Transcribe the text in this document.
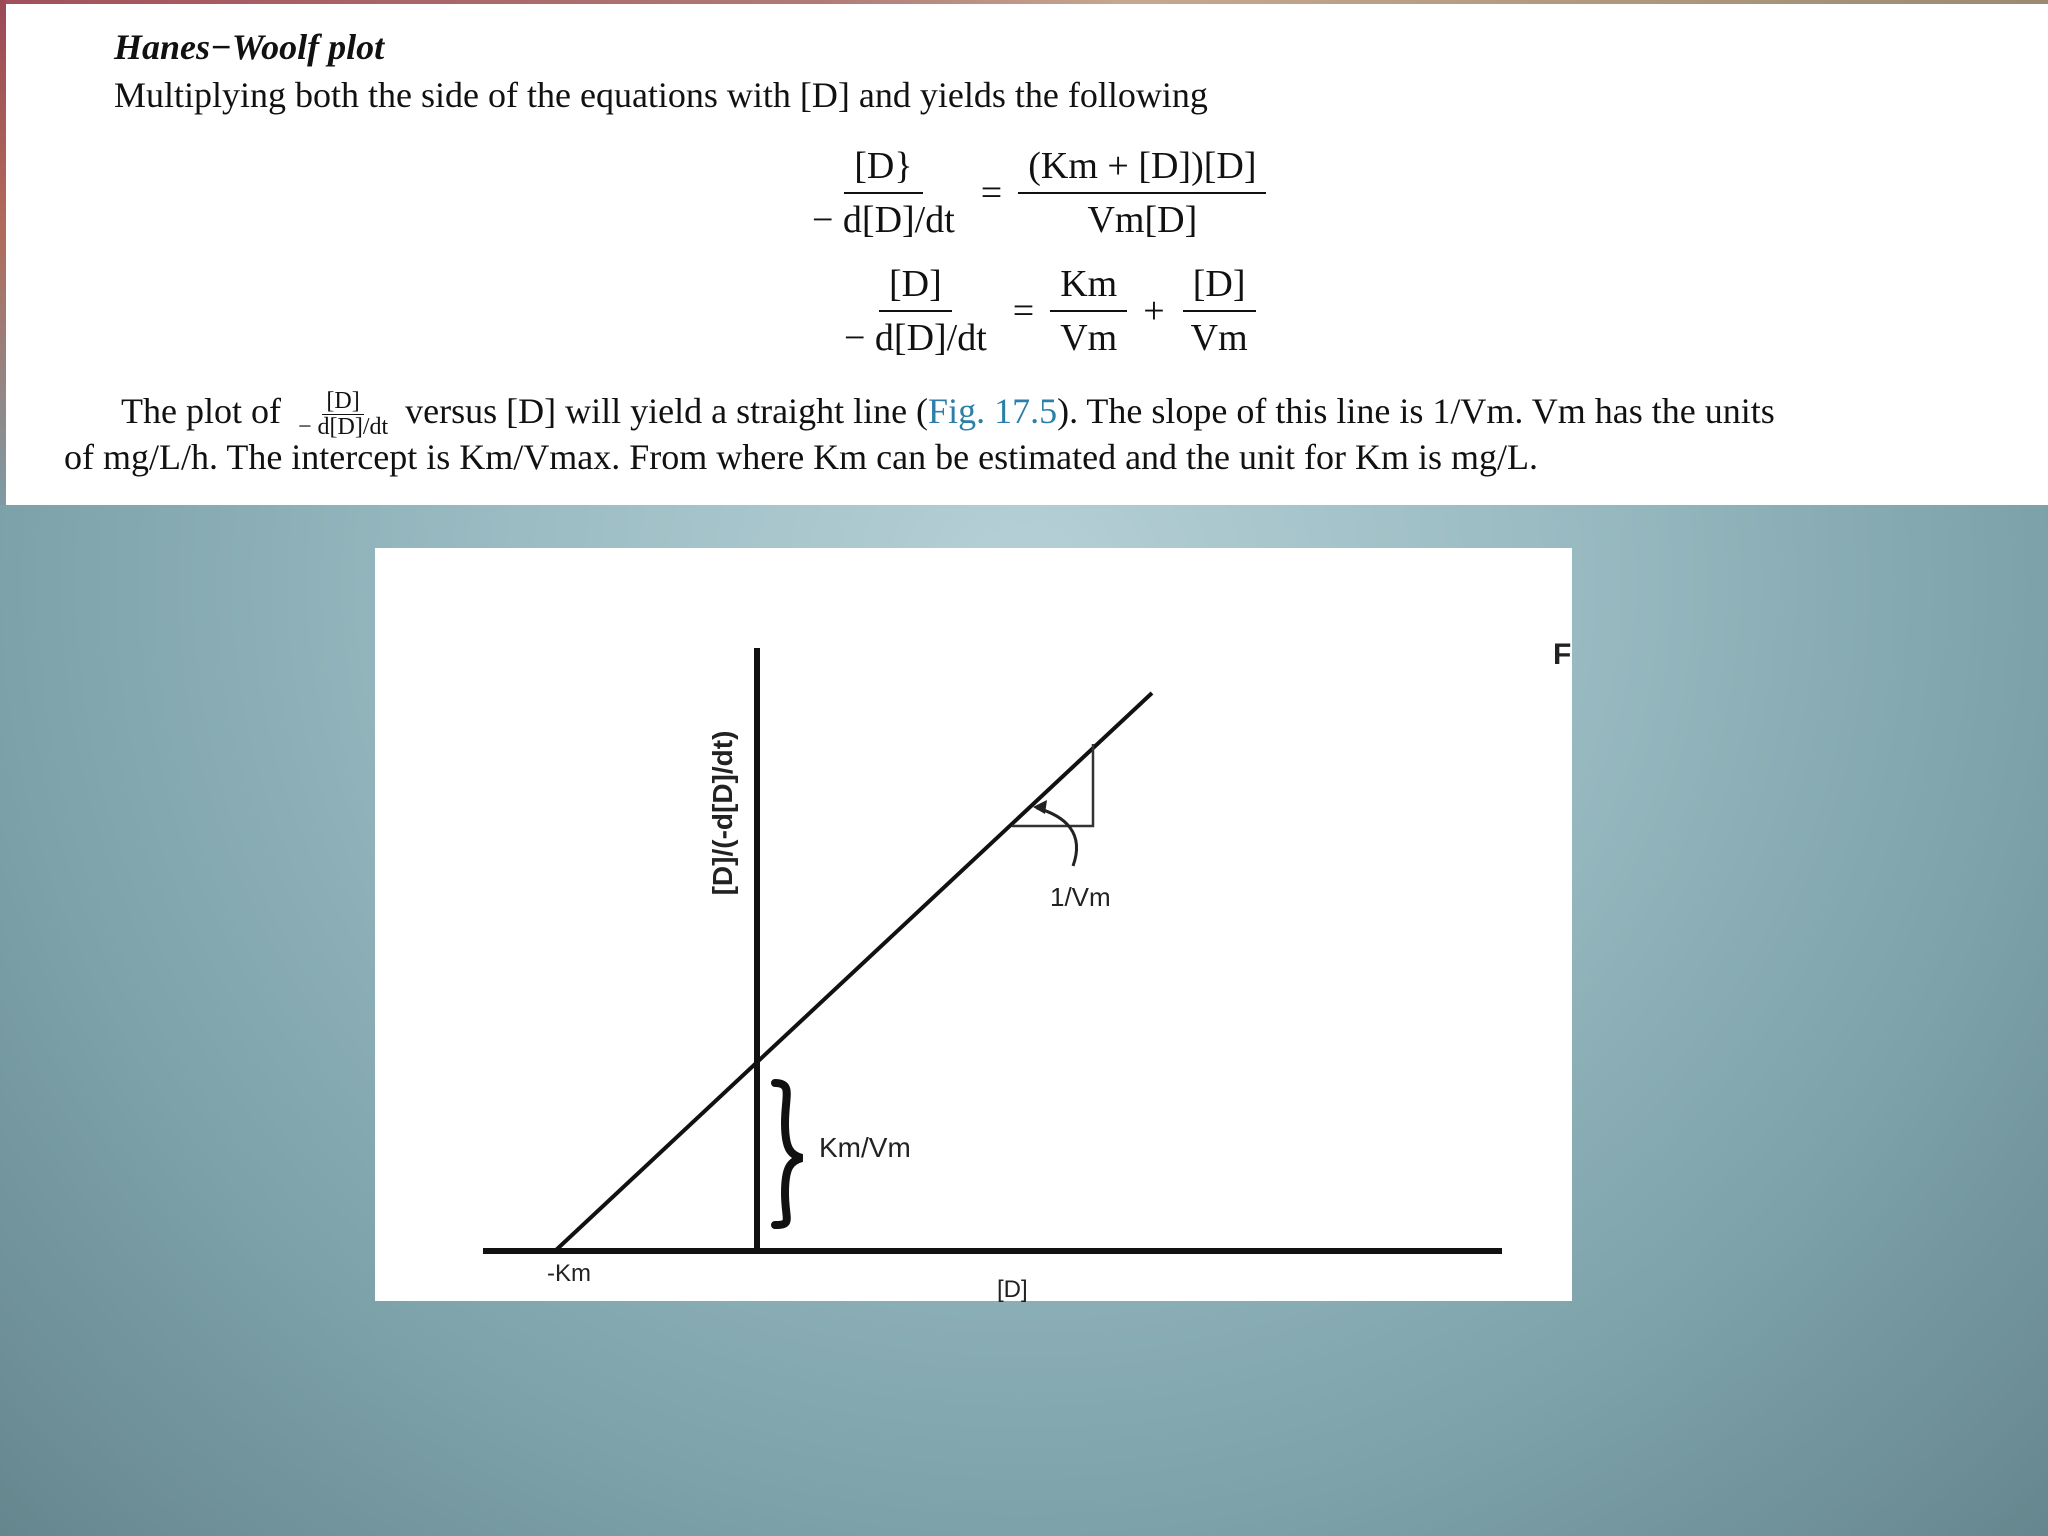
Hanes−Woolf plot
Multiplying both the side of the equations with [D] and yields the following
$\frac{[D\}}{- d[D]/dt} = \frac{(Km + [D])[D]}{Vm[D]}$
$\frac{[D]}{- d[D]/dt} = \frac{Km}{Vm} + \frac{[D]}{Vm}$
The plot of $\frac{[D]}{- d[D]/dt}$ versus [D] will yield a straight line (Fig. 17.5). The slope of this line is 1/Vm. Vm has the units
of mg/L/h. The intercept is Km/Vmax. From where Km can be estimated and the unit for Km is mg/L.
F
[D]/(-d[D]/dt)
1/Vm
Km/Vm
-Km
[D]
